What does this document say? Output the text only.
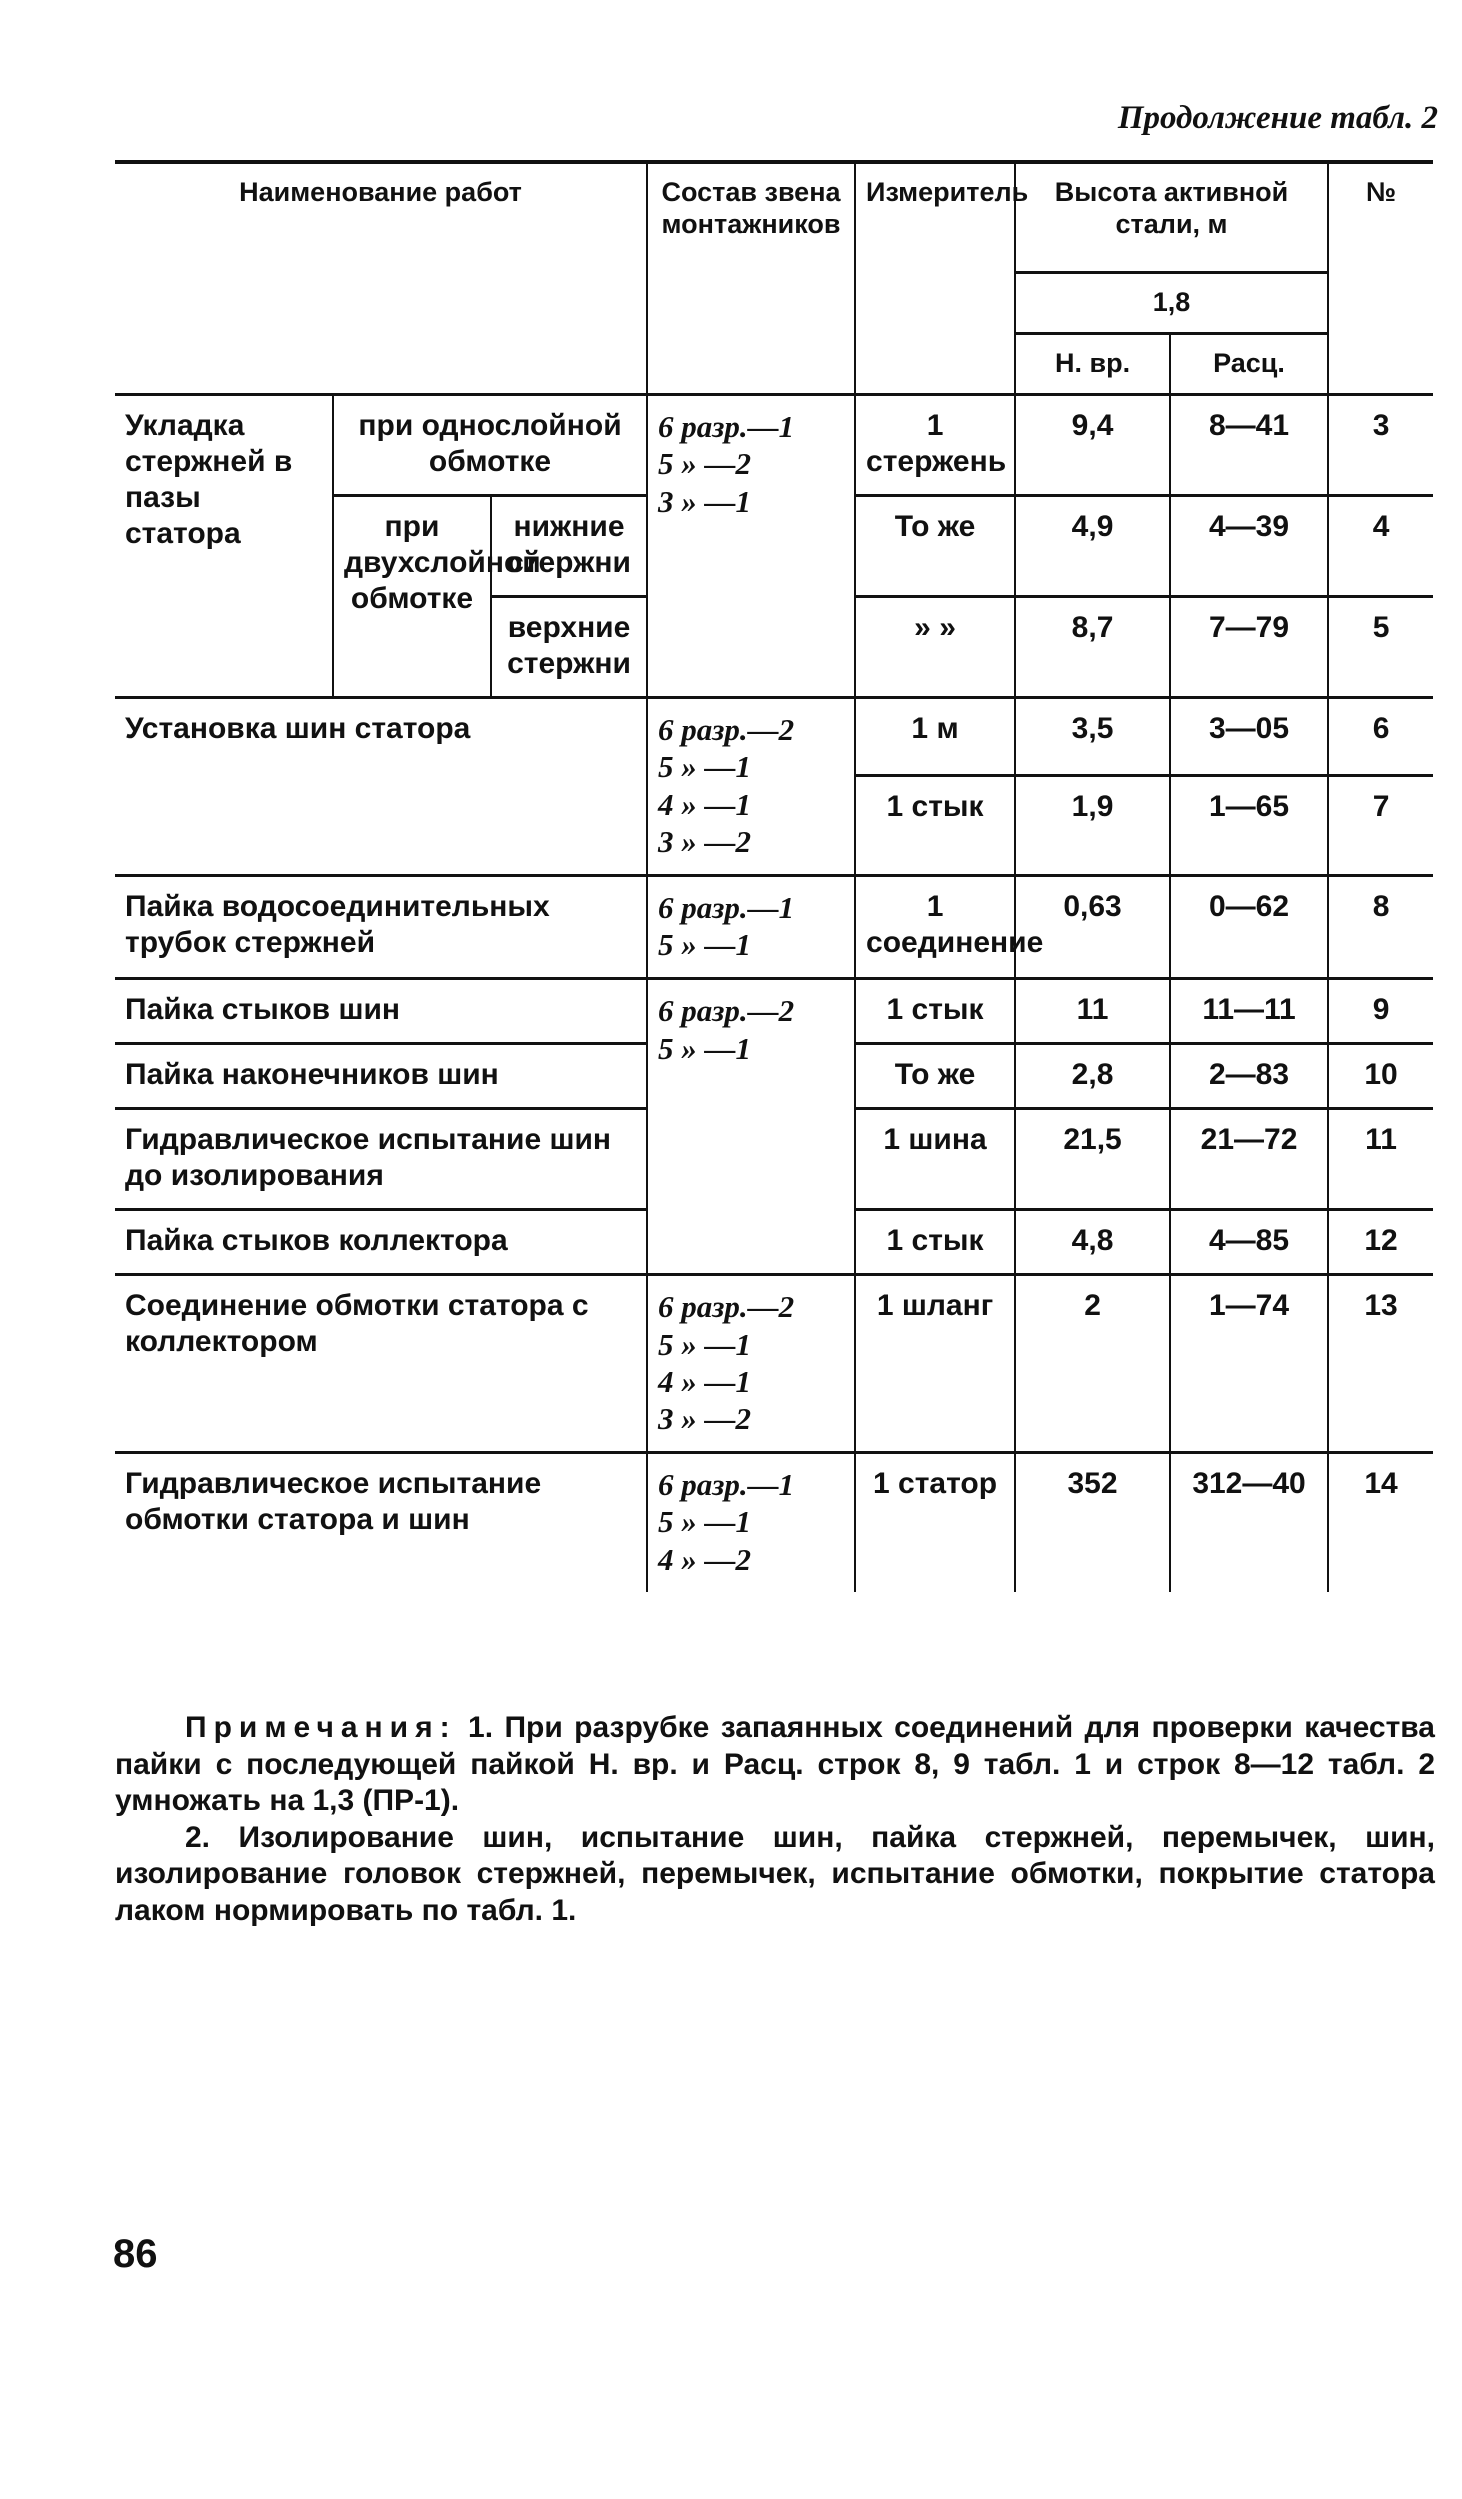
Продолжение табл. 2
Наименование работ			Состав звена монтажников	Измеритель	Высота активной стали, м		№
					1,8		
					Н. вр.	Расц.	
Укладка стержней в пазы статора	при однослойной обмотке		6 разр.—1
5 » —2
3 » —1	1 стержень	9,4	8—41	3
	при двухслойной обмотке	нижние стержни		То же	4,9	4—39	4
		верхние стержни		» »	8,7	7—79	5
Установка шин статора			6 разр.—2
5 » —1
4 » —1
3 » —2	1 м	3,5	3—05	6
				1 стык	1,9	1—65	7
Пайка водосоединительных трубок стержней			6 разр.—1
5 » —1	1 соединение	0,63	0—62	8
Пайка стыков шин			6 разр.—2
5 » —1	1 стык	11	11—11	9
Пайка наконечников шин				То же	2,8	2—83	10
Гидравлическое испытание шин до изолирования				1 шина	21,5	21—72	11
Пайка стыков коллектора				1 стык	4,8	4—85	12
Соединение обмотки статора с коллектором			6 разр.—2
5 » —1
4 » —1
3 » —2	1 шланг	2	1—74	13
Гидравлическое испытание обмотки статора и шин			6 разр.—1
5 » —1
4 » —2	1 статор	352	312—40	14

Примечания: 1. При разрубке запаянных соединений для проверки качества пайки с последующей пайкой Н. вр. и Расц. строк 8, 9 табл. 1 и строк 8—12 табл. 2 умножать на 1,3 (ПР-1).

2. Изолирование шин, испытание шин, пайка стержней, перемычек, шин, изолирование головок стержней, перемычек, испытание обмотки, покрытие статора лаком нормировать по табл. 1.

86
